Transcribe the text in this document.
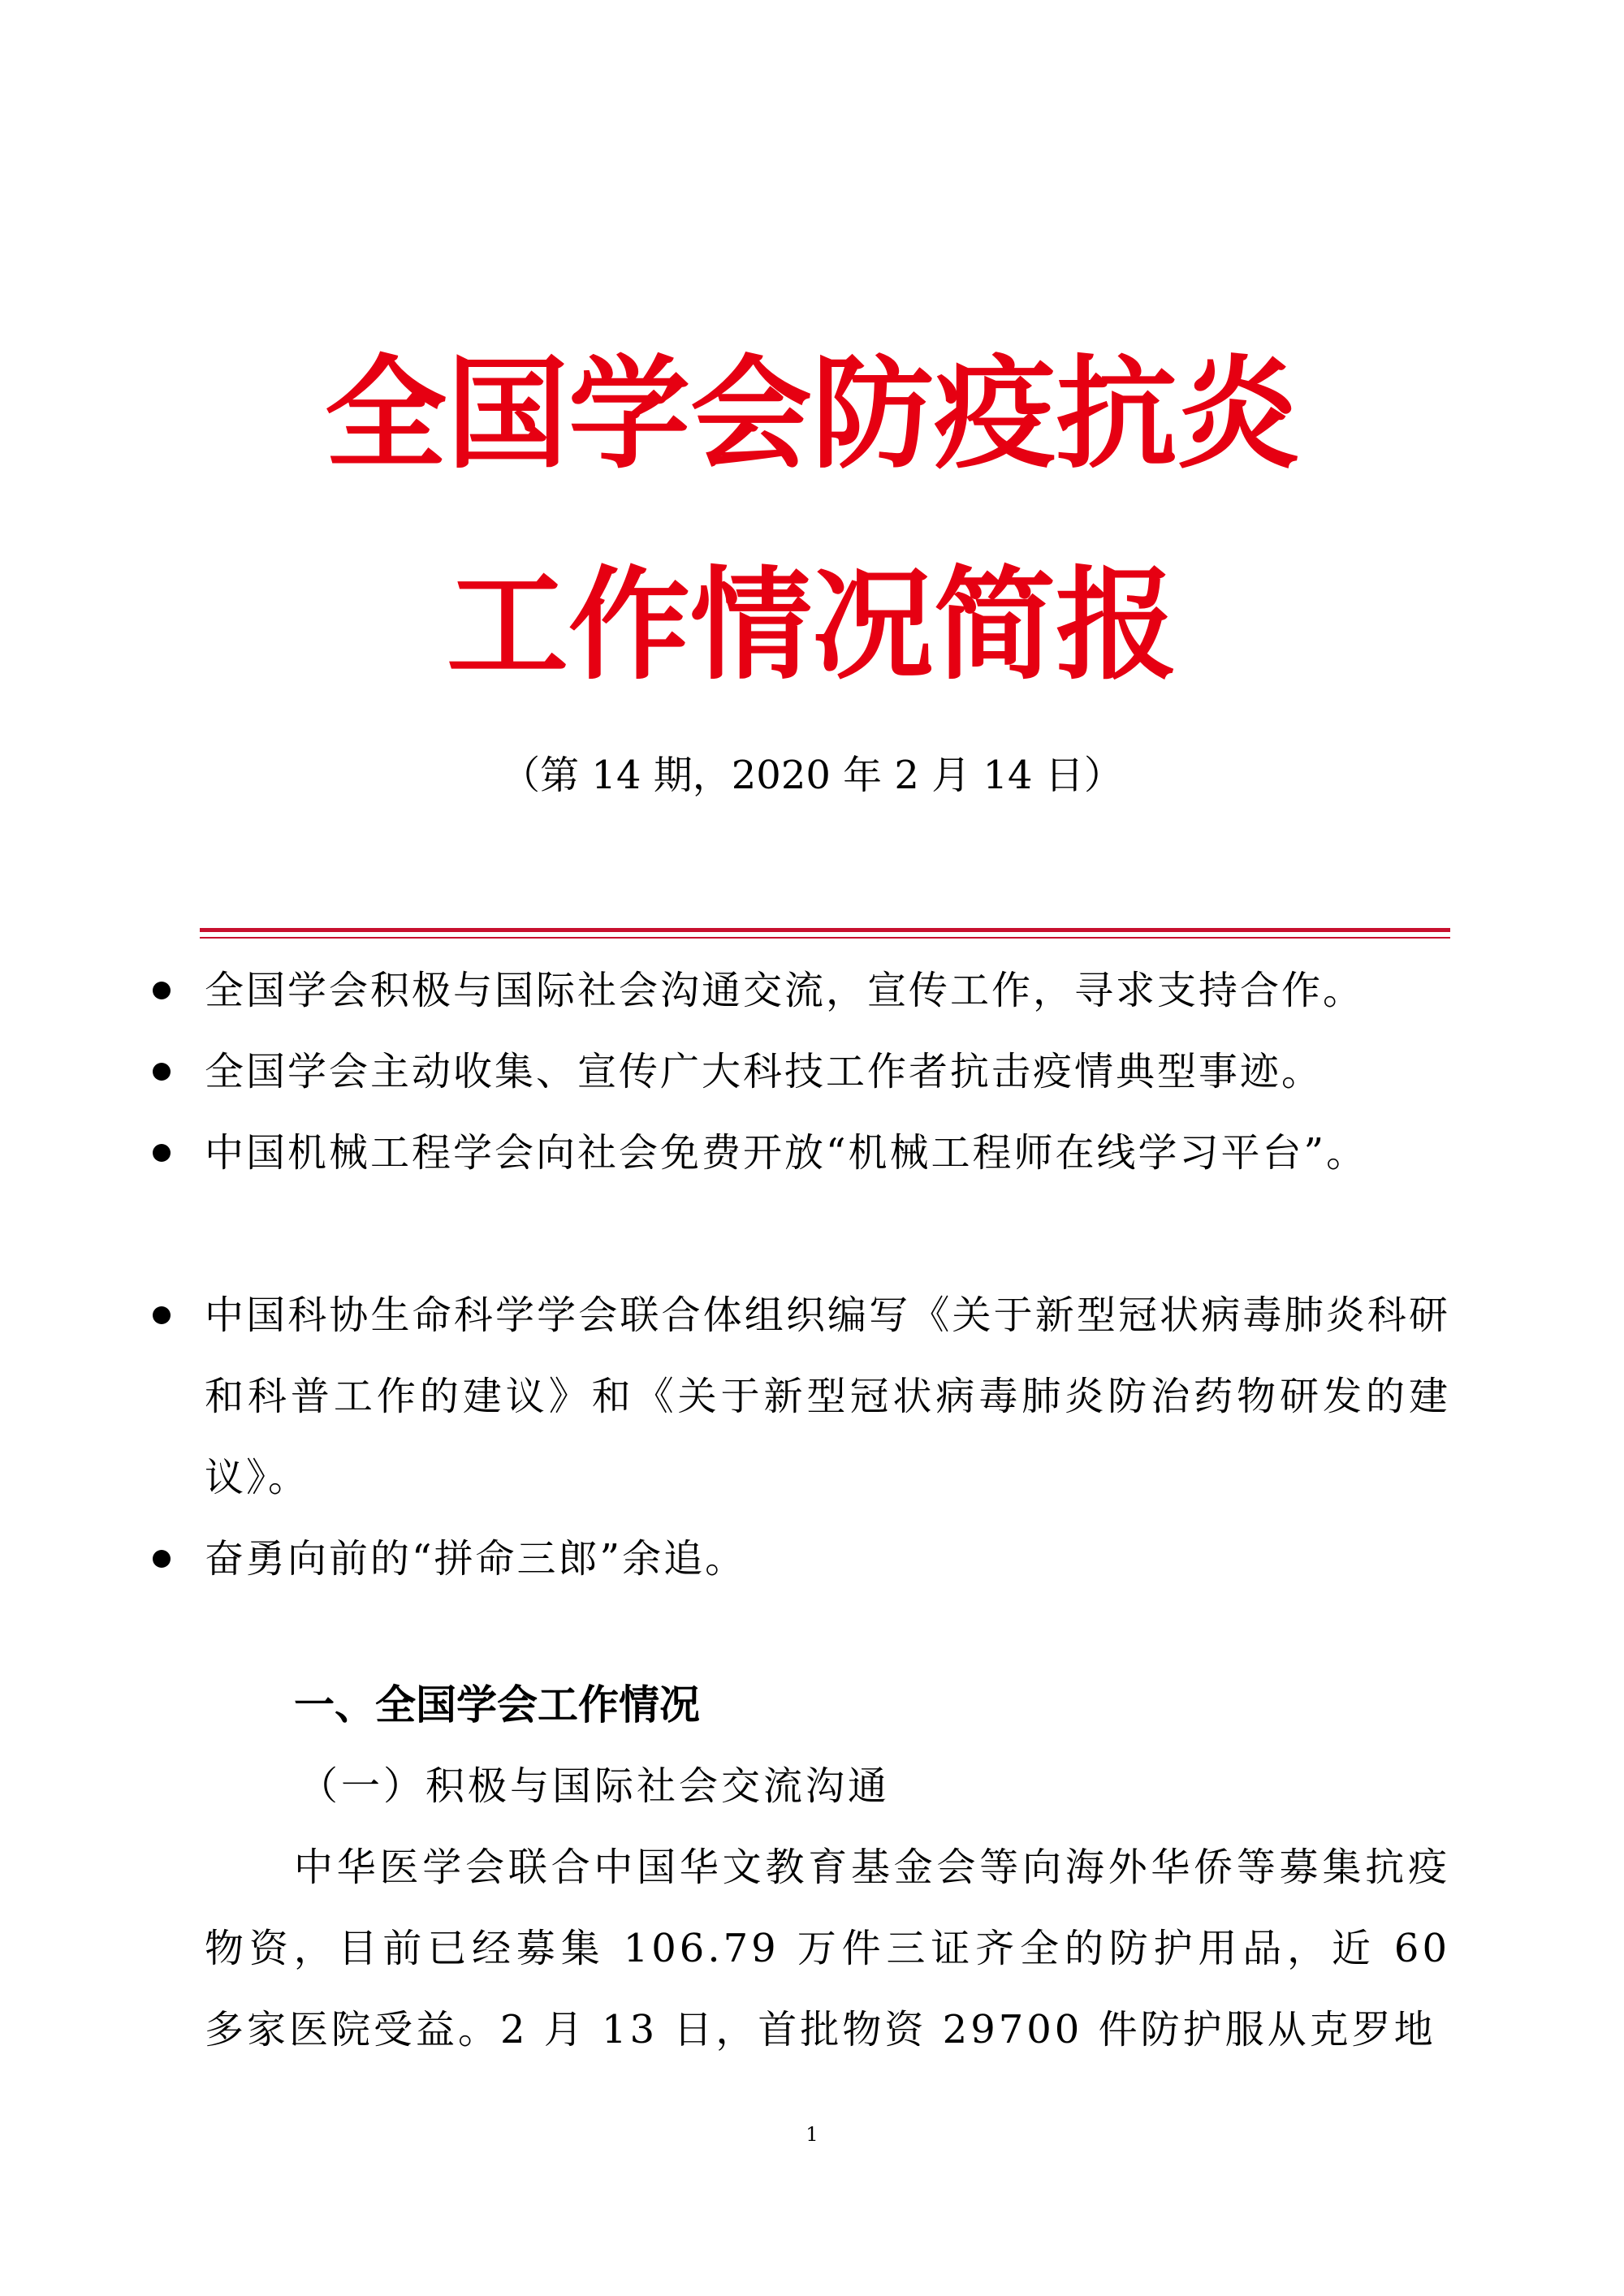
全国学会防疫抗炎
工作情况简报
（第 14 期，2020 年 2 月 14 日）
全国学会积极与国际社会沟通交流，宣传工作，寻求支持合作。
全国学会主动收集、宣传广大科技工作者抗击疫情典型事迹。
中国机械工程学会向社会免费开放“机械工程师在线学习平台”。
中国科协生命科学学会联合体组织编写《关于新型冠状病毒肺炎科研和科普工作的建议》和《关于新型冠状病毒肺炎防治药物研发的建议》。
奋勇向前的“拼命三郎”余追。
一、全国学会工作情况
（一）积极与国际社会交流沟通
中华医学会联合中国华文教育基金会等向海外华侨等募集抗疫物资，目前已经募集 106.79 万件三证齐全的防护用品，近 60 多家医院受益。2 月 13 日，首批物资 29700 件防护服从克罗地
1
